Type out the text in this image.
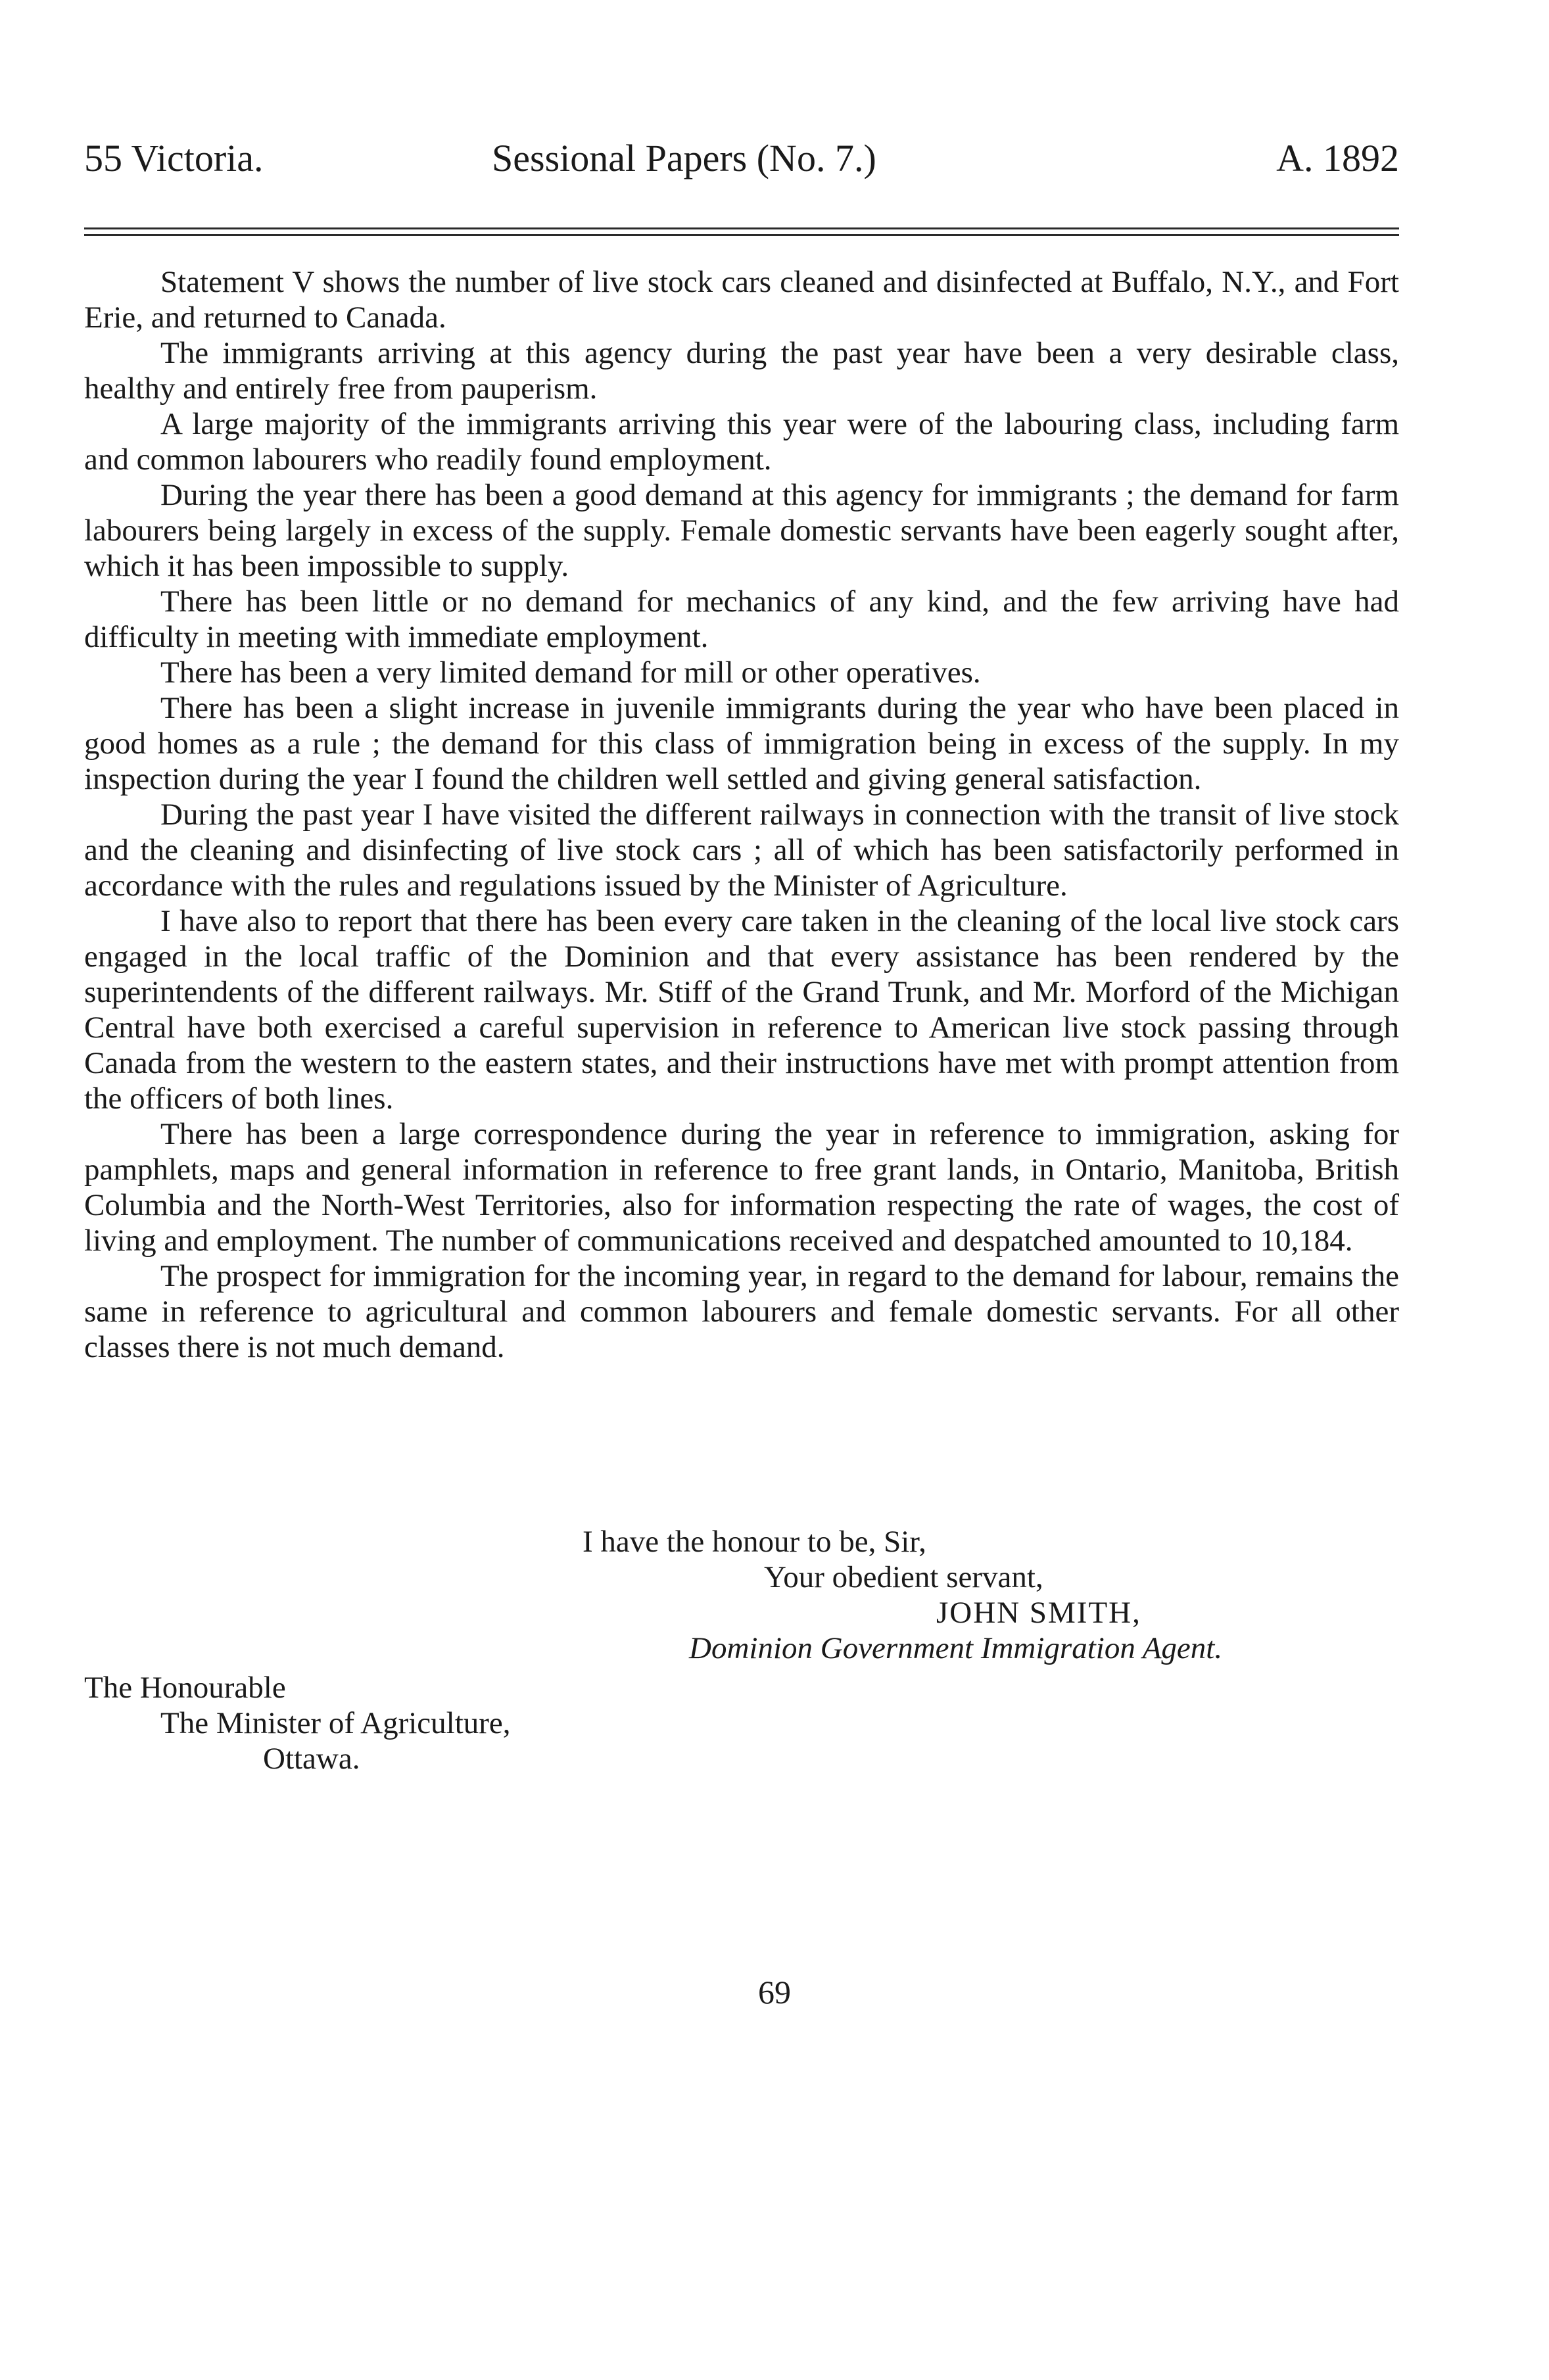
55 Victoria.	Sessional Papers (No. 7.)	A. 1892

Statement V shows the number of live stock cars cleaned and disinfected at Buffalo, N.Y., and Fort Erie, and returned to Canada.

The immigrants arriving at this agency during the past year have been a very desirable class, healthy and entirely free from pauperism.

A large majority of the immigrants arriving this year were of the labouring class, including farm and common labourers who readily found employment.

During the year there has been a good demand at this agency for immigrants ; the demand for farm labourers being largely in excess of the supply. Female domestic servants have been eagerly sought after, which it has been impossible to supply.

There has been little or no demand for mechanics of any kind, and the few arriving have had difficulty in meeting with immediate employment.

There has been a very limited demand for mill or other operatives.

There has been a slight increase in juvenile immigrants during the year who have been placed in good homes as a rule ; the demand for this class of immigration being in excess of the supply. In my inspection during the year I found the children well settled and giving general satisfaction.

During the past year I have visited the different railways in connection with the transit of live stock and the cleaning and disinfecting of live stock cars ; all of which has been satisfactorily performed in accordance with the rules and regulations issued by the Minister of Agriculture.

I have also to report that there has been every care taken in the cleaning of the local live stock cars engaged in the local traffic of the Dominion and that every assistance has been rendered by the superintendents of the different railways. Mr. Stiff of the Grand Trunk, and Mr. Morford of the Michigan Central have both exercised a careful supervision in reference to American live stock passing through Canada from the western to the eastern states, and their instructions have met with prompt attention from the officers of both lines.

There has been a large correspondence during the year in reference to immigration, asking for pamphlets, maps and general information in reference to free grant lands, in Ontario, Manitoba, British Columbia and the North-West Territories, also for information respecting the rate of wages, the cost of living and employment. The number of communications received and despatched amounted to 10,184.

The prospect for immigration for the incoming year, in regard to the demand for labour, remains the same in reference to agricultural and common labourers and female domestic servants. For all other classes there is not much demand.

I have the honour to be, Sir,
Your obedient servant,
JOHN SMITH,
Dominion Government Immigration Agent.
The Honourable
The Minister of Agriculture,
Ottawa.
69
